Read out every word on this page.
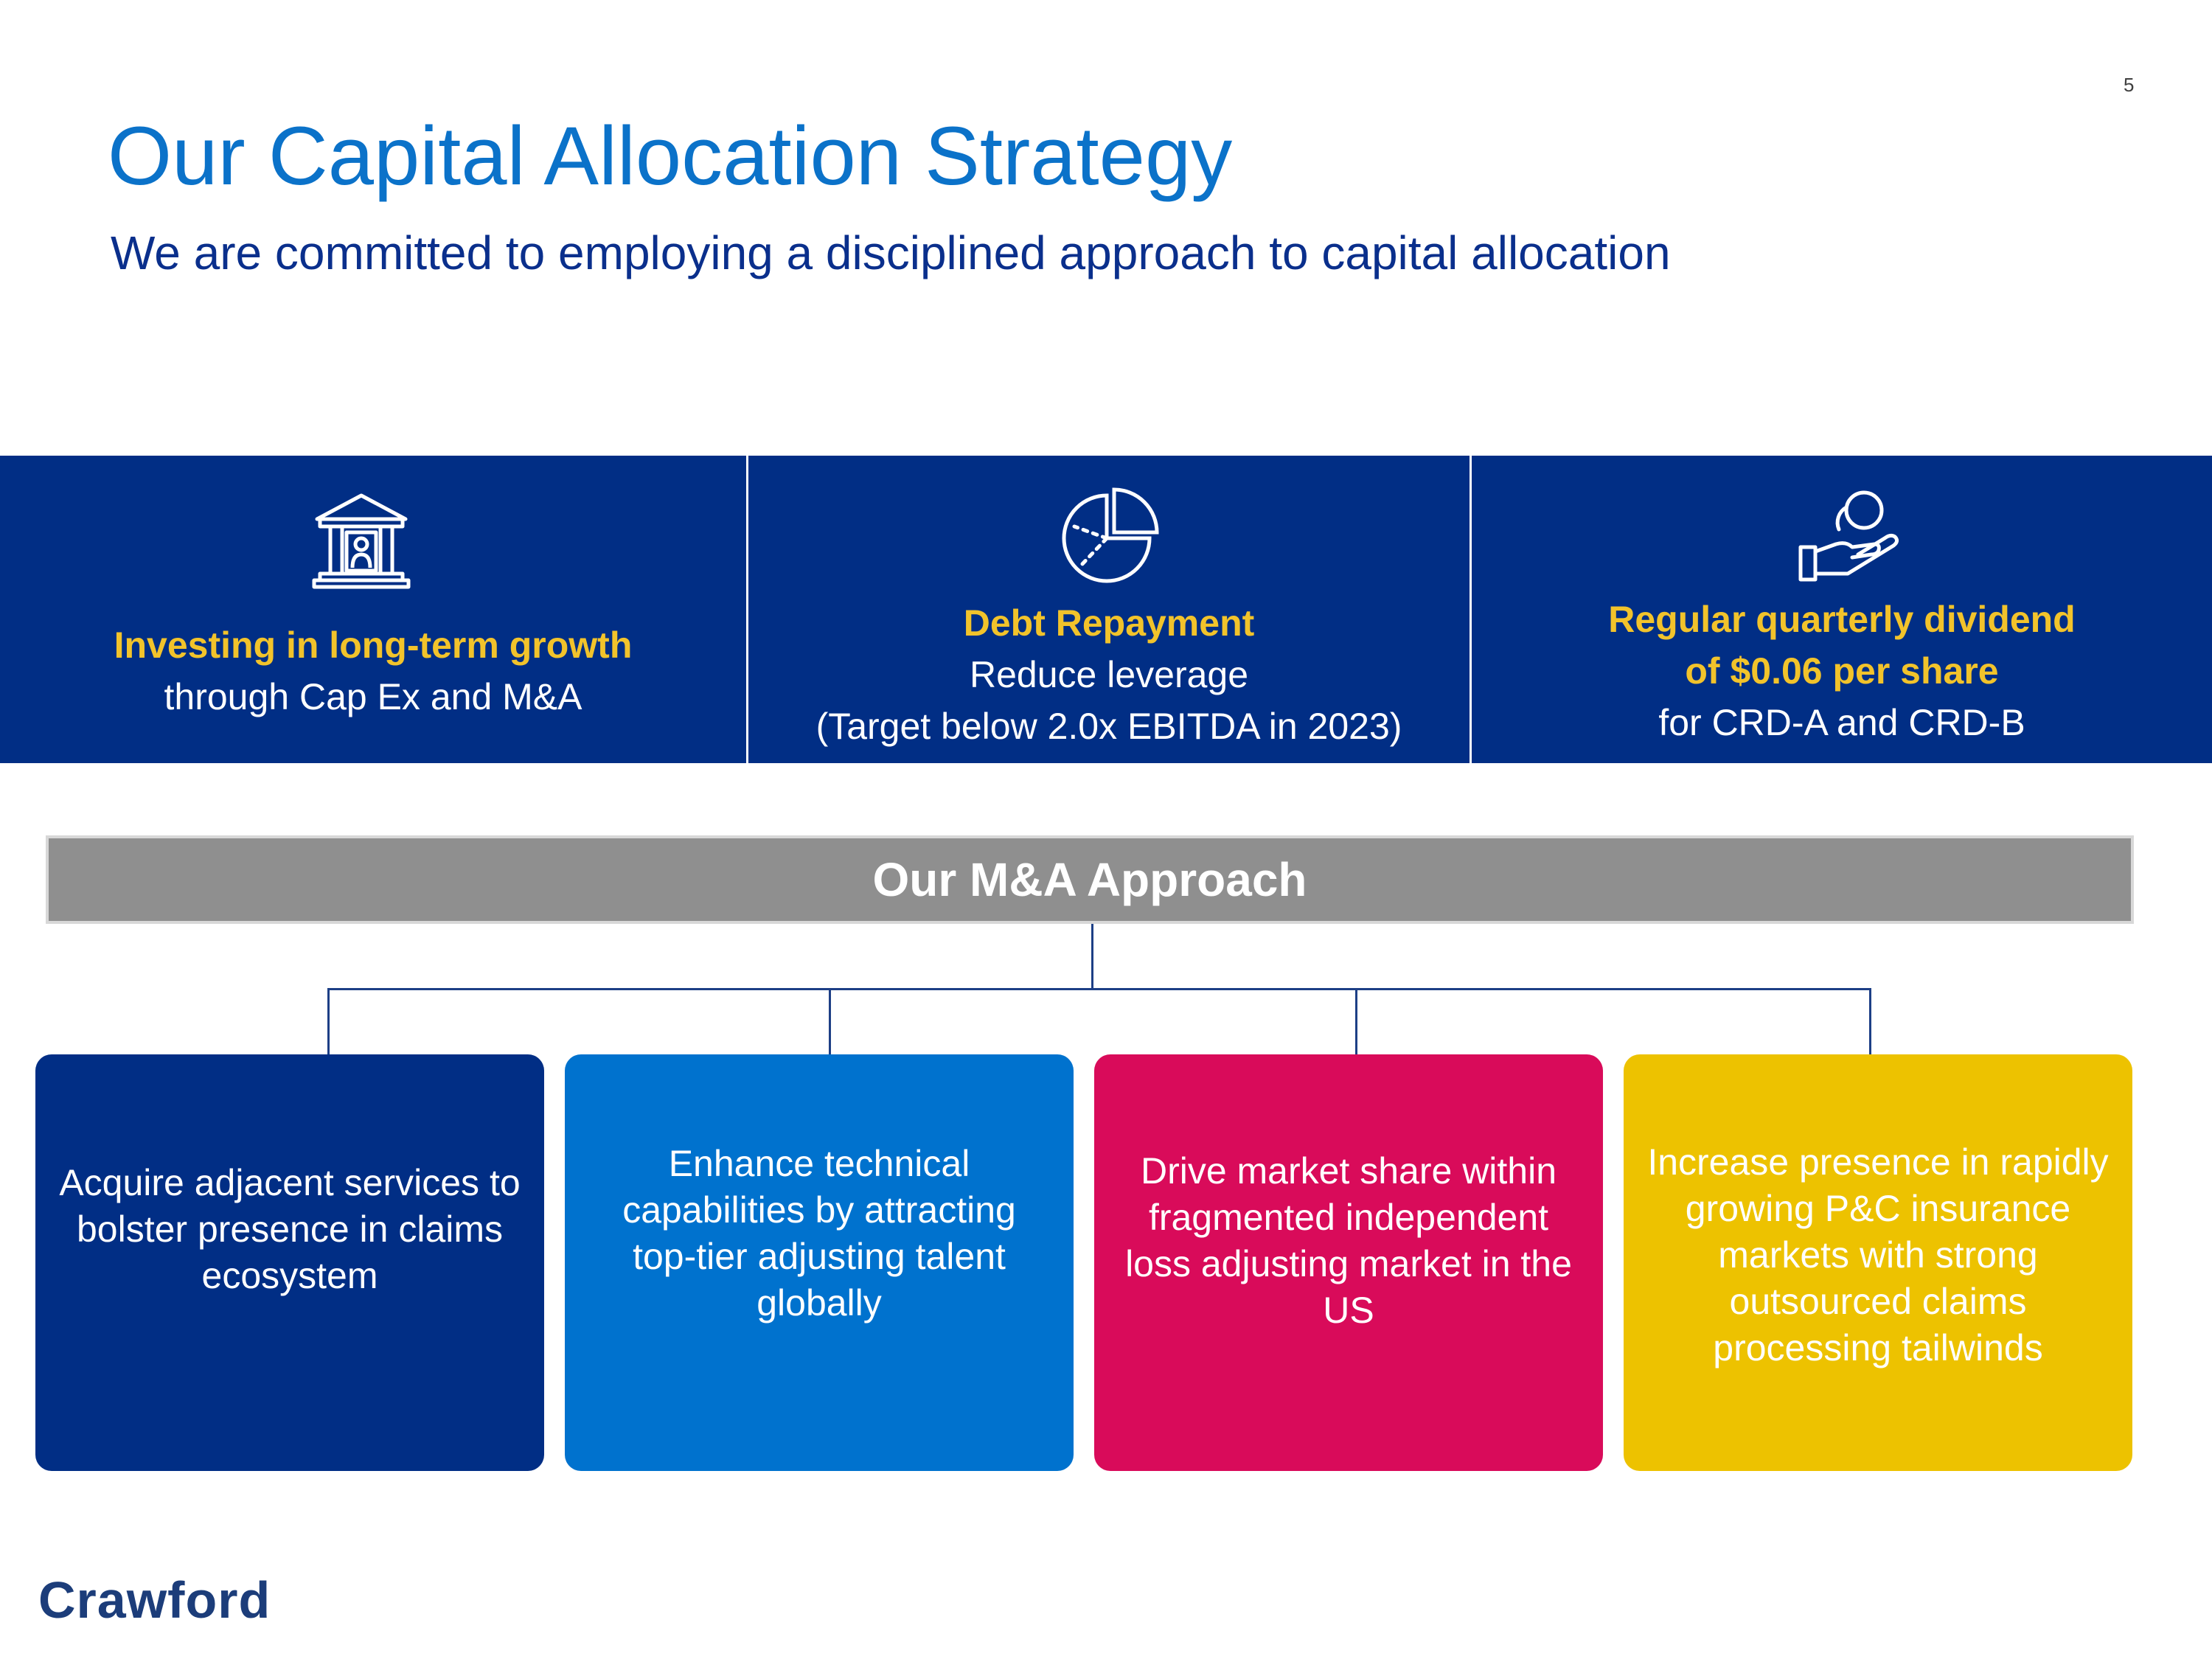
5
Our Capital Allocation Strategy
We are committed to employing a disciplined approach to capital allocation
Investing in long-term growth
through Cap Ex and M&A
Debt Repayment
Reduce leverage
(Target below 2.0x EBITDA in 2023)
Regular quarterly dividend
of $0.06 per share
for CRD-A and CRD-B
Our M&A Approach
Acquire adjacent services to bolster presence in claims ecosystem
Enhance technical capabilities by attracting top-tier adjusting talent globally
Drive market share within fragmented independent loss adjusting market in the US
Increase presence in rapidly growing P&C insurance markets with strong outsourced claims processing tailwinds
Crawford
